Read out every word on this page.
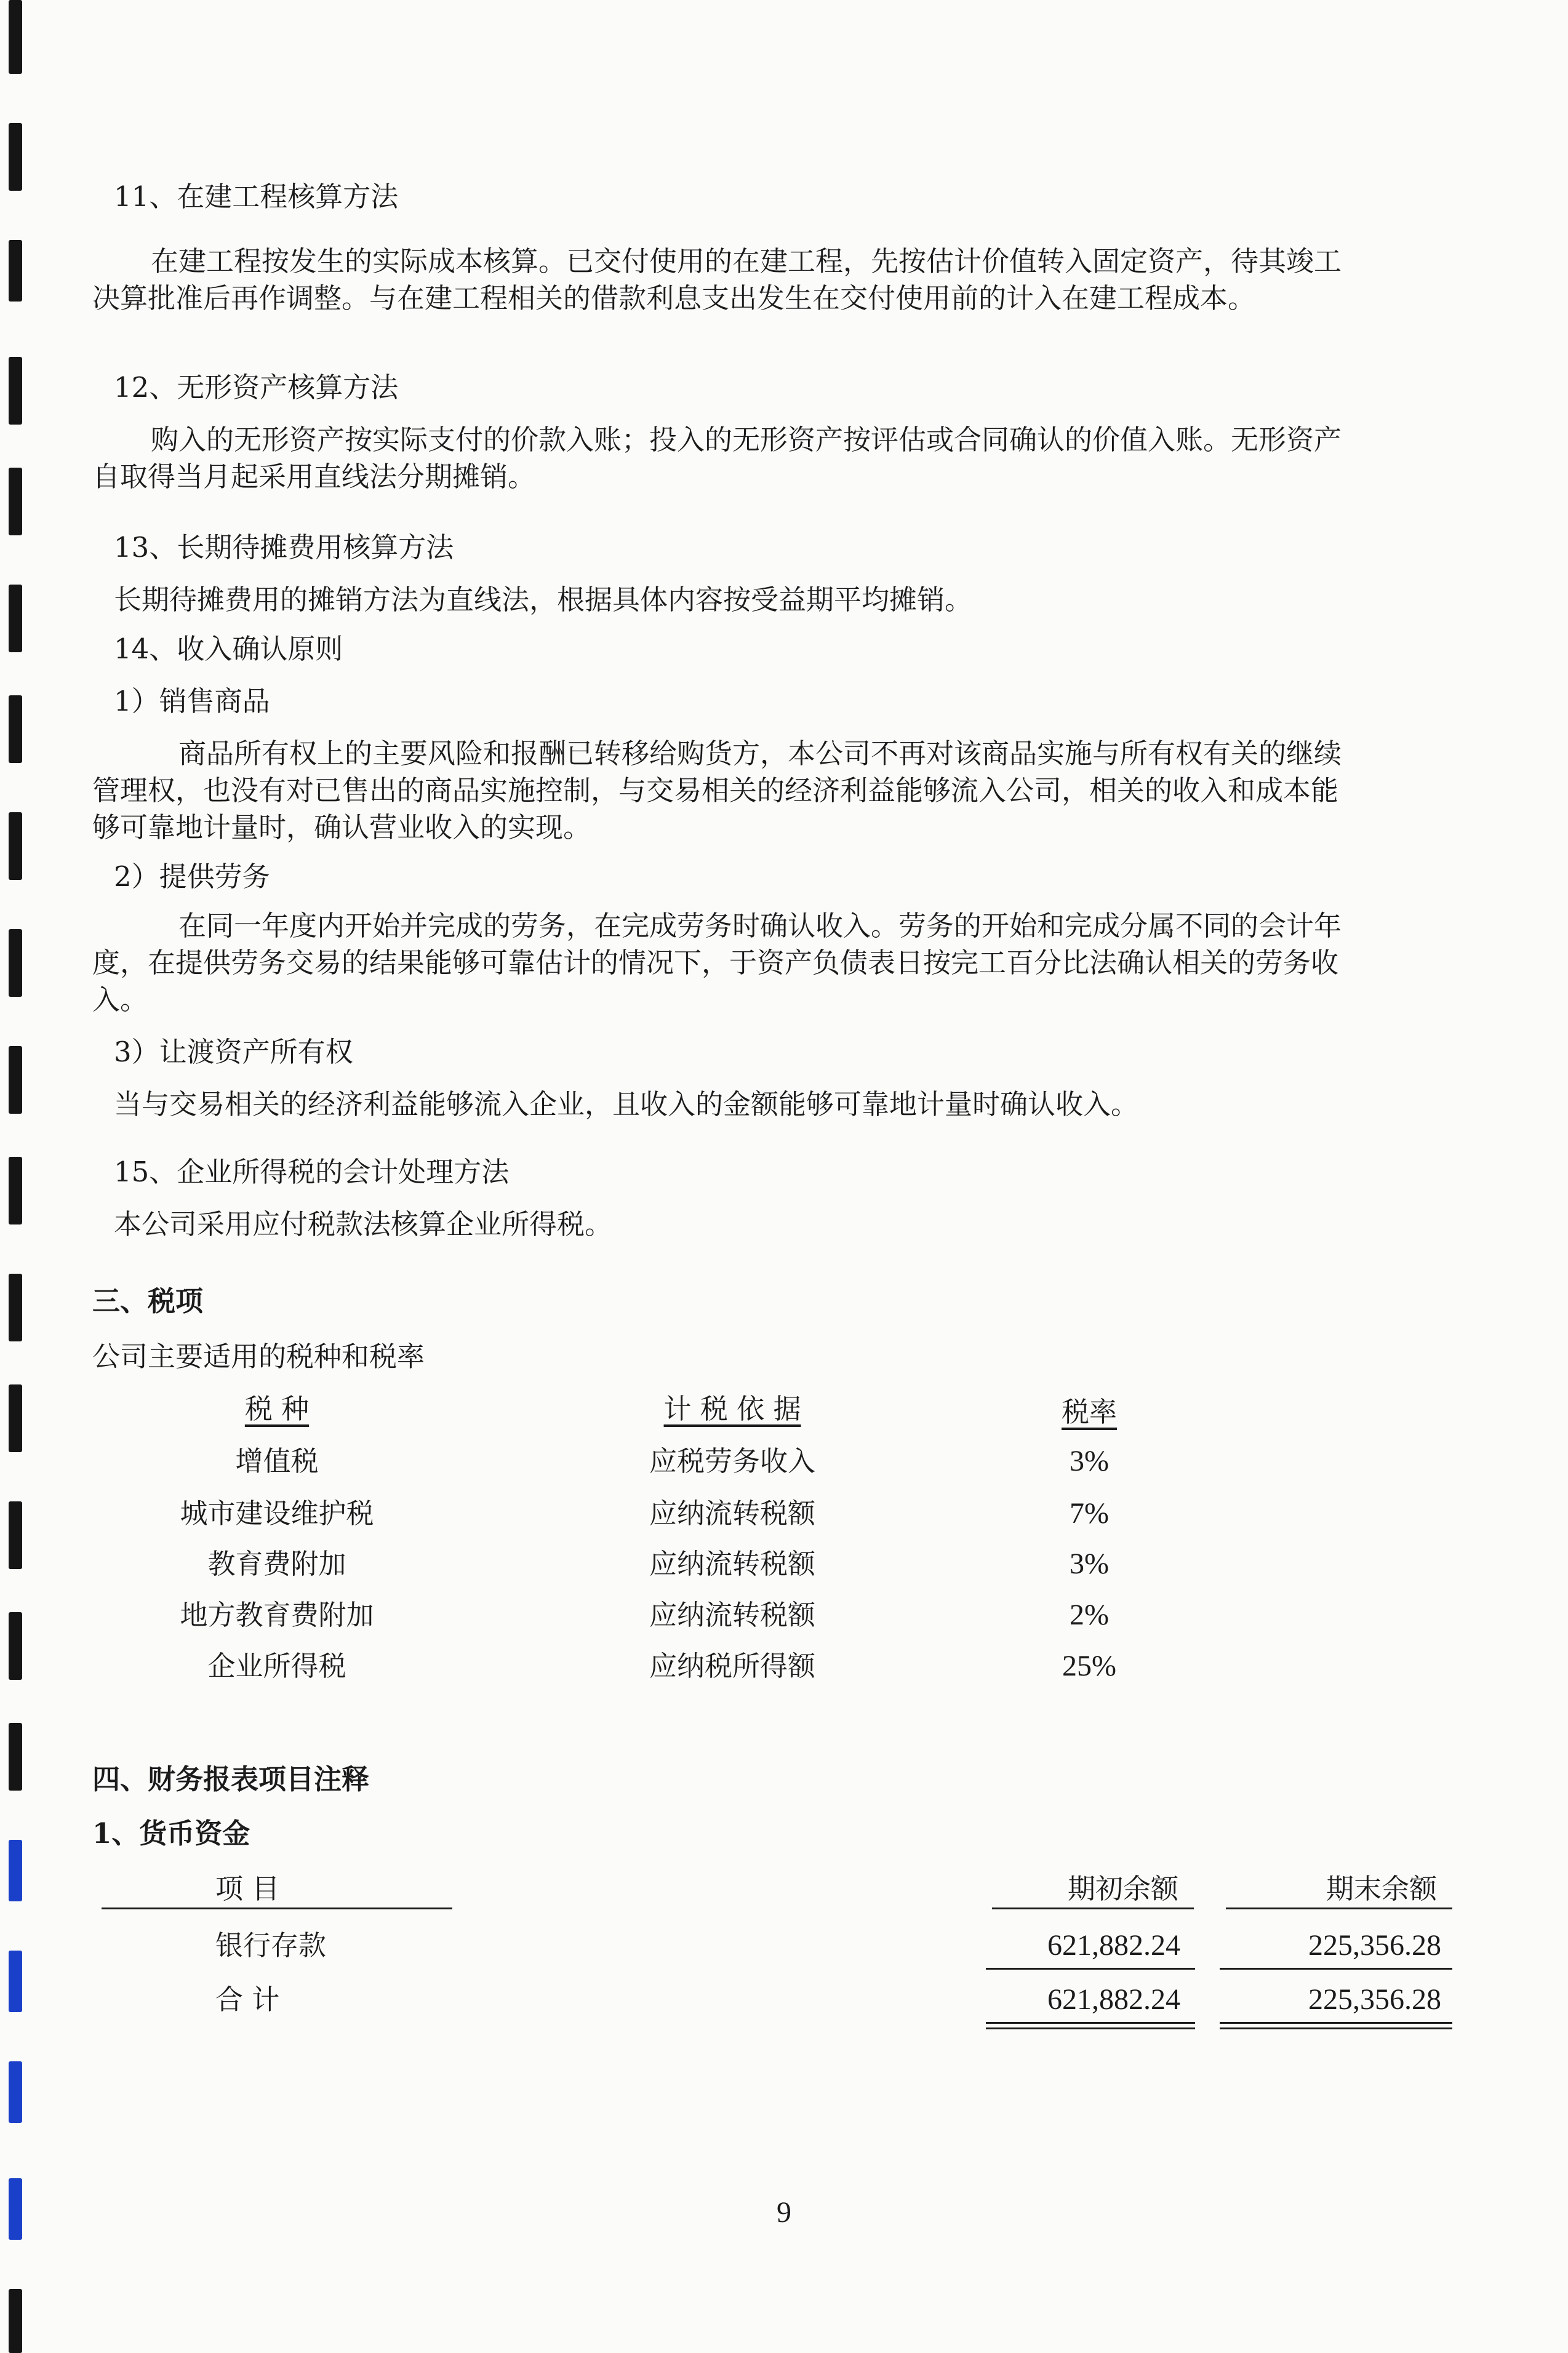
11、在建工程核算方法
在建工程按发生的实际成本核算。已交付使用的在建工程，先按估计价值转入固定资产，待其竣工
决算批准后再作调整。与在建工程相关的借款利息支出发生在交付使用前的计入在建工程成本。
12、无形资产核算方法
购入的无形资产按实际支付的价款入账；投入的无形资产按评估或合同确认的价值入账。无形资产
自取得当月起采用直线法分期摊销。
13、长期待摊费用核算方法
长期待摊费用的摊销方法为直线法，根据具体内容按受益期平均摊销。
14、收入确认原则
1）销售商品
商品所有权上的主要风险和报酬已转移给购货方，本公司不再对该商品实施与所有权有关的继续
管理权，也没有对已售出的商品实施控制，与交易相关的经济利益能够流入公司，相关的收入和成本能
够可靠地计量时，确认营业收入的实现。
2）提供劳务
在同一年度内开始并完成的劳务，在完成劳务时确认收入。劳务的开始和完成分属不同的会计年
度，在提供劳务交易的结果能够可靠估计的情况下，于资产负债表日按完工百分比法确认相关的劳务收
入。
3）让渡资产所有权
当与交易相关的经济利益能够流入企业，且收入的金额能够可靠地计量时确认收入。
15、企业所得税的会计处理方法
本公司采用应付税款法核算企业所得税。
三、税项
公司主要适用的税种和税率
税 种	计 税 依 据	税率
增值税	应税劳务收入	3%
城市建设维护税	应纳流转税额	7%
教育费附加	应纳流转税额	3%
地方教育费附加	应纳流转税额	2%
企业所得税	应纳税所得额	25%
四、财务报表项目注释
1、货币资金
项 目	期初余额	期末余额
银行存款	621,882.24	225,356.28
合 计	621,882.24	225,356.28
9
